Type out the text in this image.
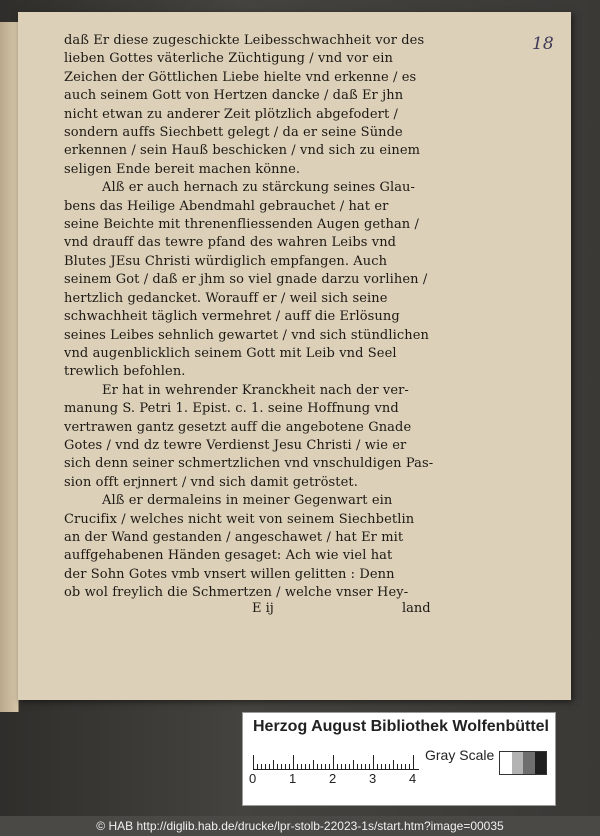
18
daß Er diese zugeschickte Leibesschwachheit vor des
lieben Gottes väterliche Züchtigung / vnd vor ein
Zeichen der Göttlichen Liebe hielte vnd erkenne / es
auch seinem Gott von Hertzen dancke / daß Er jhn
nicht etwan zu anderer Zeit plötzlich abgefodert /
sondern auffs Siechbett gelegt / da er seine Sünde
erkennen / sein Hauß beschicken / vnd sich zu einem
seligen Ende bereit machen könne.
Alß er auch hernach zu stärckung seines Glau-
bens das Heilige Abendmahl gebrauchet / hat er
seine Beichte mit threnenfliessenden Augen gethan /
vnd drauff das tewre pfand des wahren Leibs vnd
Blutes JEsu Christi würdiglich empfangen. Auch
seinem Got / daß er jhm so viel gnade darzu vorlihen /
hertzlich gedancket. Worauff er / weil sich seine
schwachheit täglich vermehret / auff die Erlösung
seines Leibes sehnlich gewartet / vnd sich stündlichen
vnd augenblicklich seinem Gott mit Leib vnd Seel
trewlich befohlen.
Er hat in wehrender Kranckheit nach der ver-
manung S. Petri 1. Epist. c. 1. seine Hoffnung vnd
vertrawen gantz gesetzt auff die angebotene Gnade
Gotes / vnd dz tewre Verdienst Jesu Christi / wie er
sich denn seiner schmertzlichen vnd vnschuldigen Pas-
sion offt erjnnert / vnd sich damit getröstet.
Alß er dermaleins in meiner Gegenwart ein
Crucifix / welches nicht weit von seinem Siechbetlin
an der Wand gestanden / angeschawet / hat Er mit
auffgehabenen Händen gesaget: Ach wie viel hat
der Sohn Gotes vmb vnsert willen gelitten : Denn
ob wol freylich die Schmertzen / welche vnser Hey-
E ij	land
Herzog August Bibliothek Wolfenbüttel
0	1	2	3	4
Gray Scale
© HAB http://diglib.hab.de/drucke/lpr-stolb-22023-1s/start.htm?image=00035
